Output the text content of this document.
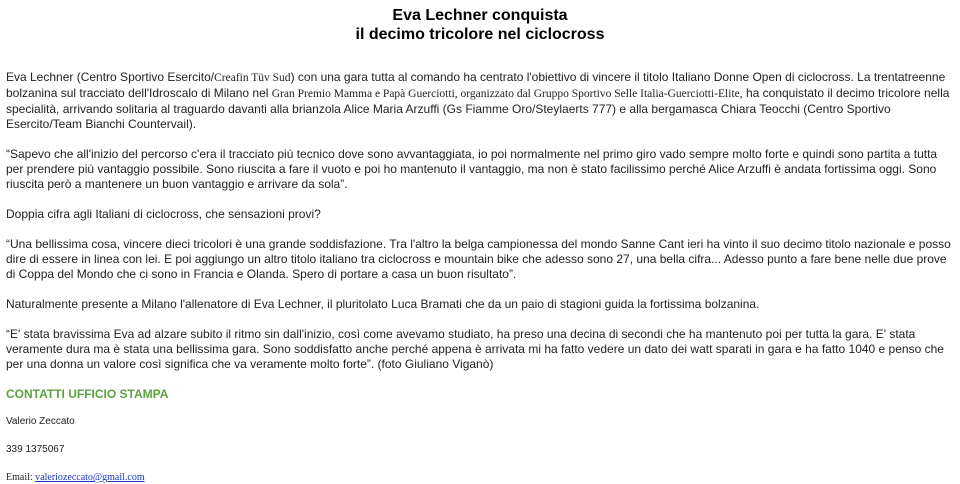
Eva Lechner conquista
il decimo tricolore nel ciclocross

Eva Lechner (Centro Sportivo Esercito/Creafin Tüv Sud) con una gara tutta al comando ha centrato l'obiettivo di vincere il titolo Italiano Donne Open di ciclocross. La trentatreenne bolzanina sul tracciato dell'Idroscalo di Milano nel Gran Premio Mamma e Papà Guerciotti, organizzato dal Gruppo Sportivo Selle Italia-Guerciotti-Elite, ha conquistato il decimo tricolore nella specialità, arrivando solitaria al traguardo davanti alla brianzola Alice Maria Arzuffi (Gs Fiamme Oro/Steylaerts 777) e alla bergamasca Chiara Teocchi (Centro Sportivo Esercito/Team Bianchi Countervail).

“Sapevo che all'inizio del percorso c'era il tracciato più tecnico dove sono avvantaggiata, io poi normalmente nel primo giro vado sempre molto forte e quindi sono partita a tutta per prendere più vantaggio possibile. Sono riuscita a fare il vuoto e poi ho mantenuto il vantaggio, ma non è stato facilissimo perché Alice Arzuffi è andata fortissima oggi. Sono riuscita però a mantenere un buon vantaggio e arrivare da sola”.

Doppia cifra agli Italiani di ciclocross, che sensazioni provi?

“Una bellissima cosa, vincere dieci tricolori è una grande soddisfazione. Tra l'altro la belga campionessa del mondo Sanne Cant ieri ha vinto il suo decimo titolo nazionale e posso dire di essere in linea con lei. E poi aggiungo un altro titolo italiano tra ciclocross e mountain bike che adesso sono 27, una bella cifra... Adesso punto a fare bene nelle due prove di Coppa del Mondo che ci sono in Francia e Olanda. Spero di portare a casa un buon risultato”.

Naturalmente presente a Milano l'allenatore di Eva Lechner, il pluritolato Luca Bramati che da un paio di stagioni guida la fortissima bolzanina.

“E' stata bravissima Eva ad alzare subito il ritmo sin dall'inizio, così come avevamo studiato, ha preso una decina di secondi che ha mantenuto poi per tutta la gara. E' stata veramente dura ma è stata una bellissima gara. Sono soddisfatto anche perché appena è arrivata mi ha fatto vedere un dato dei watt sparati in gara e ha fatto 1040 e penso che per una donna un valore così significa che va veramente molto forte”. (foto Giuliano Viganò)

CONTATTI UFFICIO STAMPA
Valerio Zeccato
339 1375067
Email: valeriozeccato@gmail.com
